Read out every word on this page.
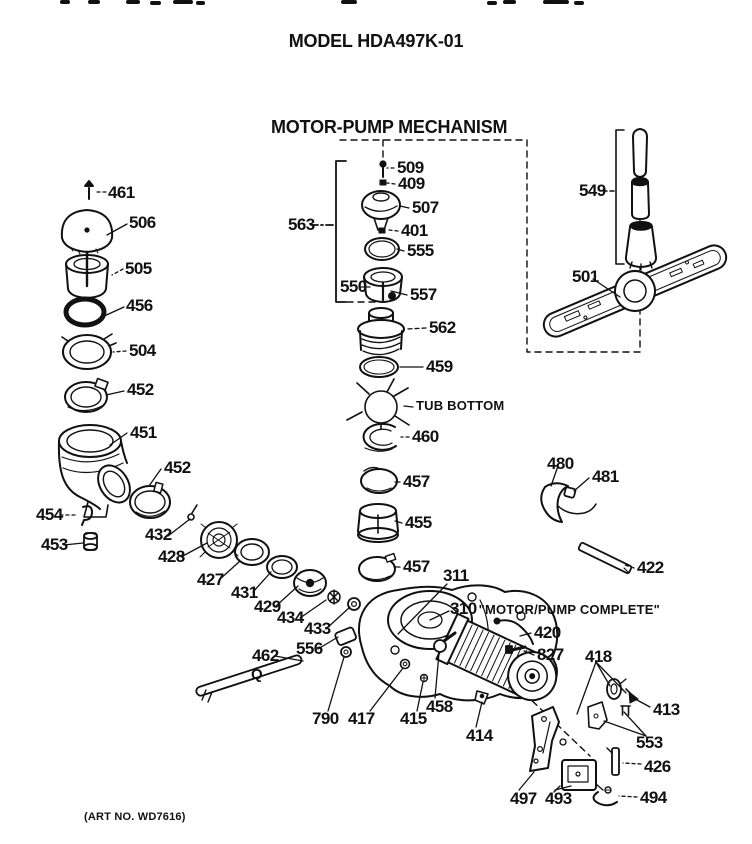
MODEL HDA497K-01
MOTOR-PUMP MECHANISM
461
506
505
456
504
452
451
452
454
453
432
428
427
431
429
434
433
563
509
409
507
401
555
550	557
562
459
TUB BOTTOM
460
457
455
457 311
310 "MOTOR/PUMP COMPLETE"
420
827
556
462
Q
790 417 415
458
414
418
413
553
426
494
497 493
549
501
480
481
422
(ART NO. WD7616)
